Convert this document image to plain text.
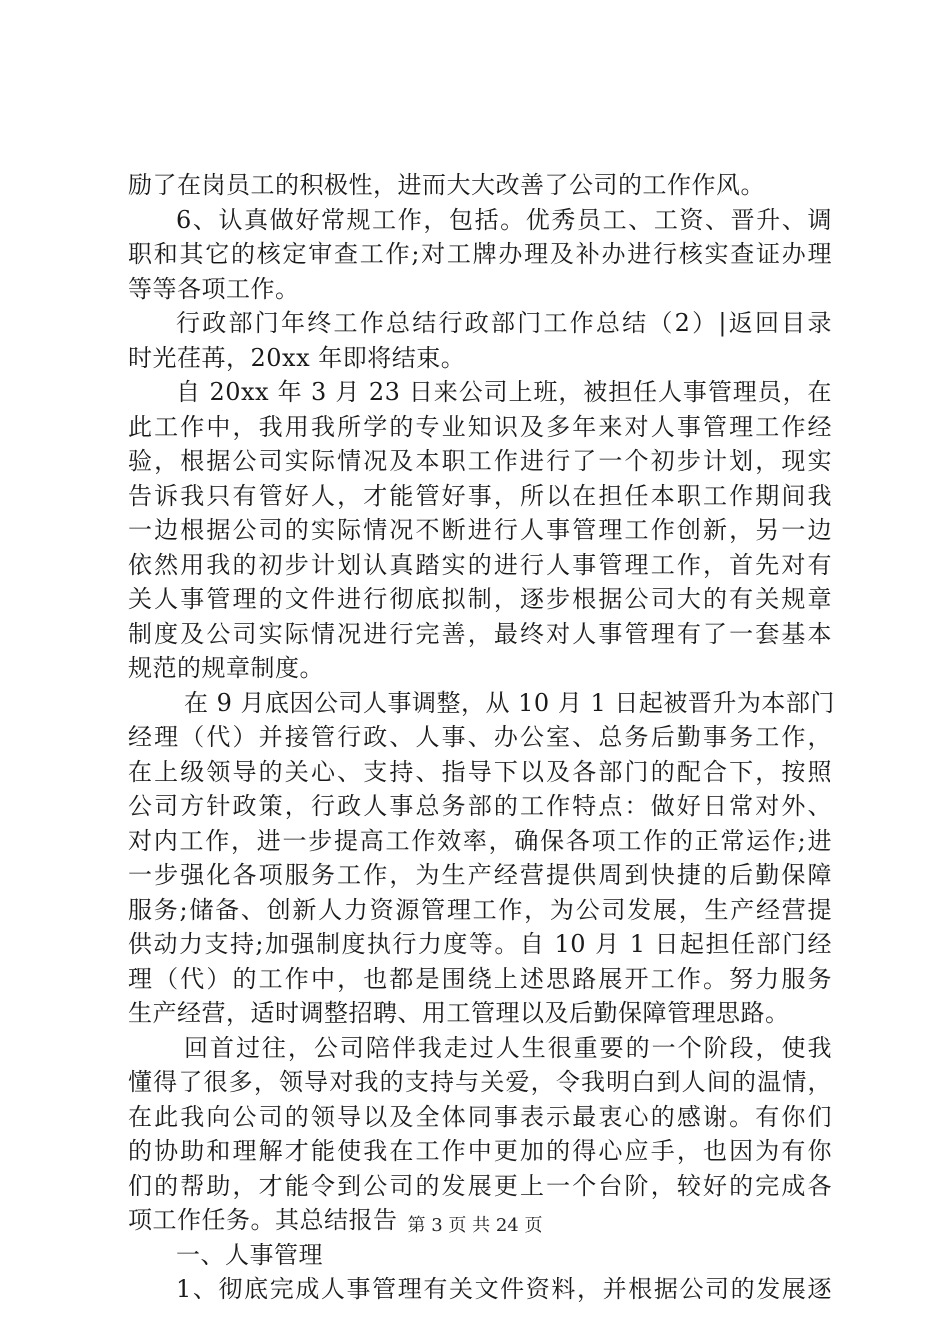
励了在岗员工的积极性，进而大大改善了公司的工作作风。
6、认真做好常规工作，包括。优秀员工、工资、晋升、调
职和其它的核定审查工作;对工牌办理及补办进行核实查证办理
等等各项工作。
行政部门年终工作总结行政部门工作总结（2）|返回目录
时光荏苒，20xx 年即将结束。
自 20xx 年 3 月 23 日来公司上班，被担任人事管理员，在
此工作中，我用我所学的专业知识及多年来对人事管理工作经
验，根据公司实际情况及本职工作进行了一个初步计划，现实
告诉我只有管好人，才能管好事，所以在担任本职工作期间我
一边根据公司的实际情况不断进行人事管理工作创新，另一边
依然用我的初步计划认真踏实的进行人事管理工作，首先对有
关人事管理的文件进行彻底拟制，逐步根据公司大的有关规章
制度及公司实际情况进行完善，最终对人事管理有了一套基本
规范的规章制度。
在 9 月底因公司人事调整，从 10 月 1 日起被晋升为本部门
经理（代）并接管行政、人事、办公室、总务后勤事务工作，
在上级领导的关心、支持、指导下以及各部门的配合下，按照
公司方针政策，行政人事总务部的工作特点：做好日常对外、
对内工作，进一步提高工作效率，确保各项工作的正常运作;进
一步强化各项服务工作，为生产经营提供周到快捷的后勤保障
服务;储备、创新人力资源管理工作，为公司发展，生产经营提
供动力支持;加强制度执行力度等。自 10 月 1 日起担任部门经
理（代）的工作中，也都是围绕上述思路展开工作。努力服务
生产经营，适时调整招聘、用工管理以及后勤保障管理思路。
回首过往，公司陪伴我走过人生很重要的一个阶段，使我
懂得了很多，领导对我的支持与关爱，令我明白到人间的温情，
在此我向公司的领导以及全体同事表示最衷心的感谢。有你们
的协助和理解才能使我在工作中更加的得心应手，也因为有你
们的帮助，才能令到公司的发展更上一个台阶，较好的完成各
项工作任务。其总结报告
一、人事管理
1、彻底完成人事管理有关文件资料，并根据公司的发展逐
第 3 页 共 24 页
